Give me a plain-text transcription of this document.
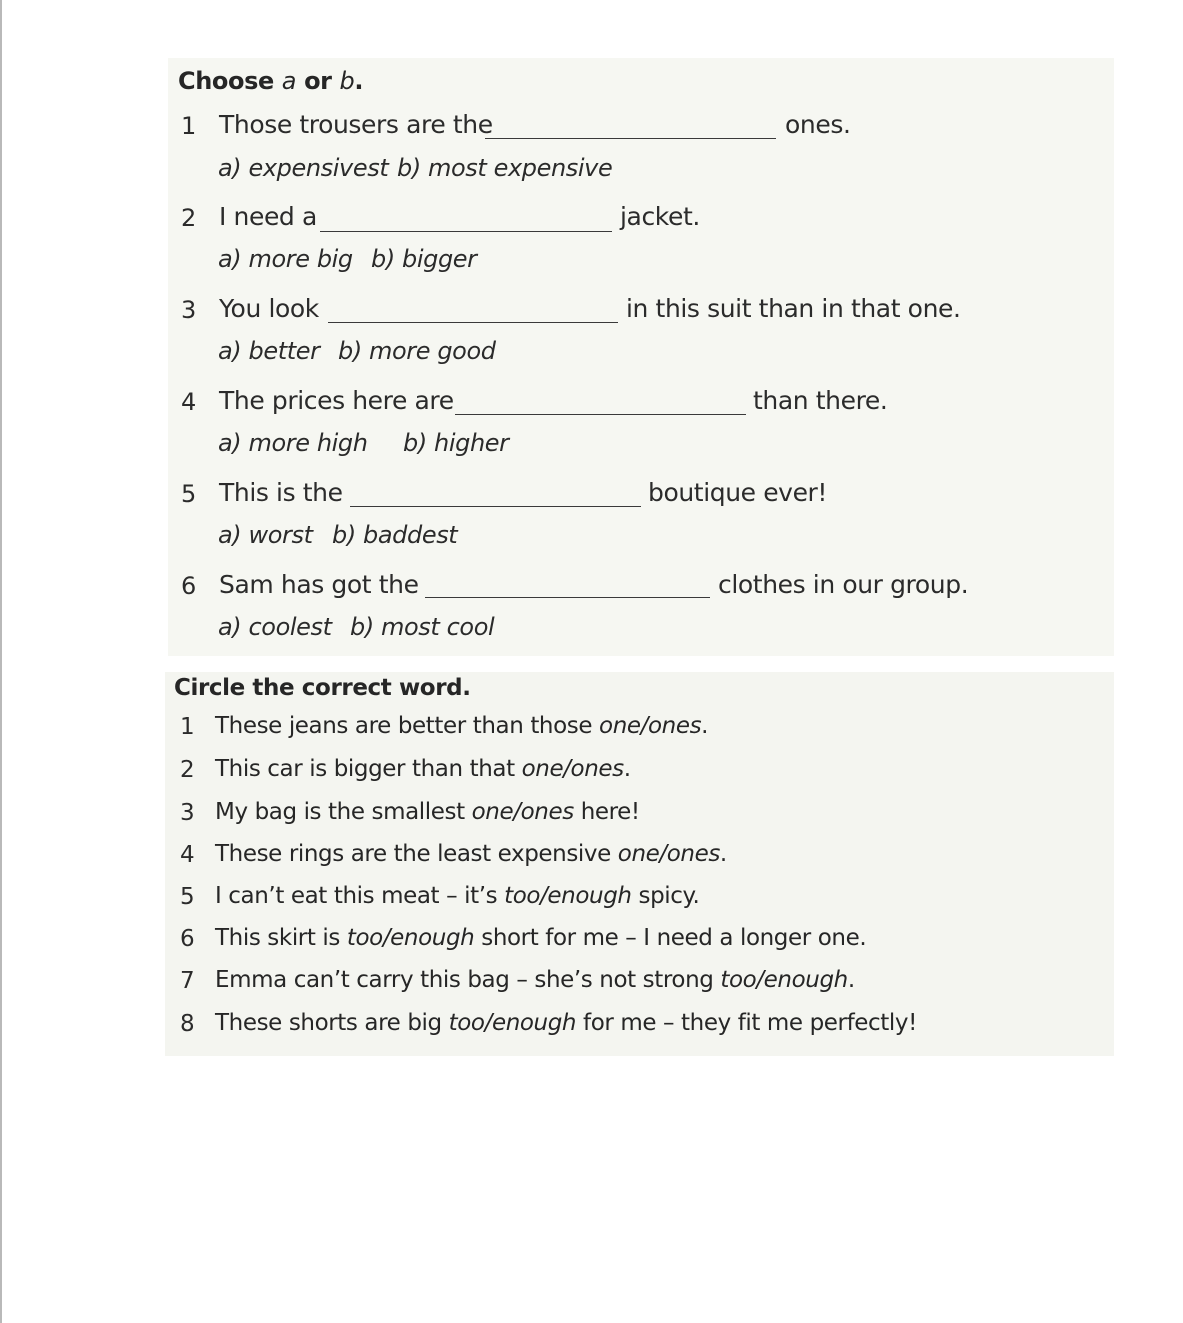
Choose a or b.
1 Those trousers are the	ones.
a) expensivest b) most expensive
2 I need a	jacket.
a) more big b) bigger
3 You look	in this suit than in that one.
a) better b) more good
4 The prices here are	than there.
a) more high b) higher
5 This is the	boutique ever!
a) worst b) baddest
6 Sam has got the	clothes in our group.
a) coolest b) most cool
Circle the correct word.
1 These jeans are better than those one/ones.
2 This car is bigger than that one/ones.
3 My bag is the smallest one/ones here!
4 These rings are the least expensive one/ones.
5 I can’t eat this meat – it’s too/enough spicy.
6 This skirt is too/enough short for me – I need a longer one.
7 Emma can’t carry this bag – she’s not strong too/enough.
8 These shorts are big too/enough for me – they fit me perfectly!
